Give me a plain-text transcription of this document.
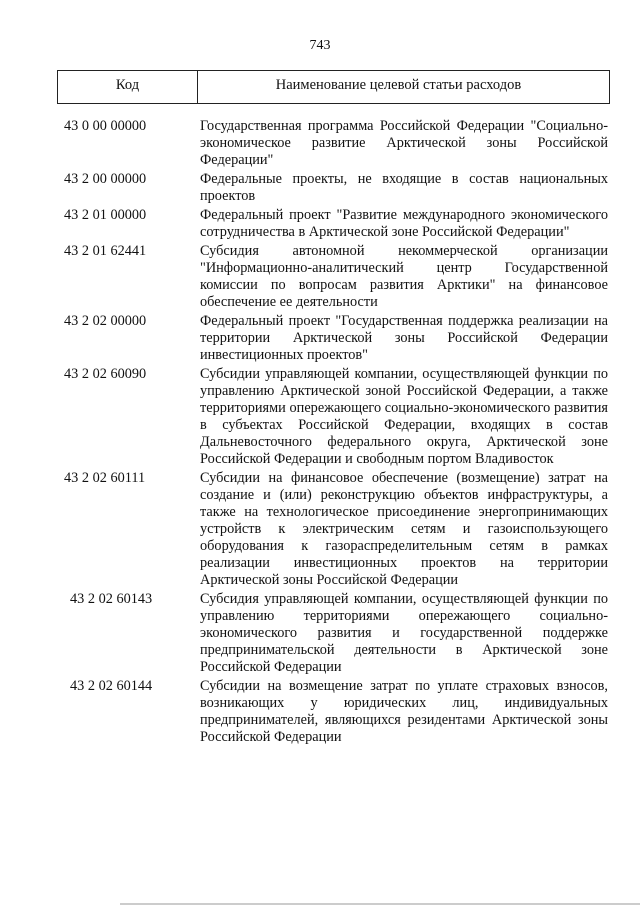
743
Код	Наименование целевой статьи расходов
43 0 00 00000	Государственная программа Российской Федерации "Социально-экономическое развитие Арктической зоны Российской Федерации"
43 2 00 00000	Федеральные проекты, не входящие в состав национальных проектов
43 2 01 00000	Федеральный проект "Развитие международного экономического сотрудничества в Арктической зоне Российской Федерации"
43 2 01 62441	Субсидия автономной некоммерческой организации "Информационно-аналитический центр Государственной комиссии по вопросам развития Арктики" на финансовое обеспечение ее деятельности
43 2 02 00000	Федеральный проект "Государственная поддержка реализации на территории Арктической зоны Российской Федерации инвестиционных проектов"
43 2 02 60090	Субсидии управляющей компании, осуществляющей функции по управлению Арктической зоной Российской Федерации, а также территориями опережающего социально-экономического развития в субъектах Российской Федерации, входящих в состав Дальневосточного федерального округа, Арктической зоне Российской Федерации и свободным портом Владивосток
43 2 02 60111	Субсидии на финансовое обеспечение (возмещение) затрат на создание и (или) реконструкцию объектов инфраструктуры, а также на технологическое присоединение энергопринимающих устройств к электрическим сетям и газоиспользующего оборудования к газораспределительным сетям в рамках реализации инвестиционных проектов на территории Арктической зоны Российской Федерации
43 2 02 60143	Субсидия управляющей компании, осуществляющей функции по управлению территориями опережающего социально-экономического развития и государственной поддержке предпринимательской деятельности в Арктической зоне Российской Федерации
43 2 02 60144	Субсидии на возмещение затрат по уплате страховых взносов, возникающих у юридических лиц, индивидуальных предпринимателей, являющихся резидентами Арктической зоны Российской Федерации
